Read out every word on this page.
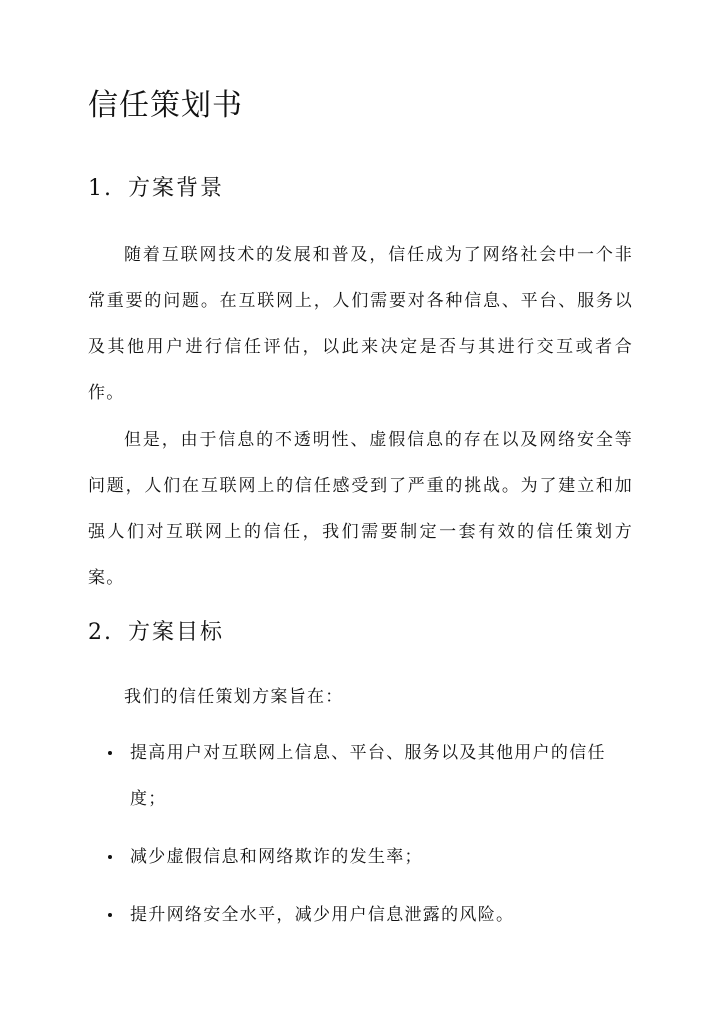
信任策划书
1. 方案背景

随着互联网技术的发展和普及，信任成为了网络社会中一个非常重要的问题。在互联网上，人们需要对各种信息、平台、服务以及其他用户进行信任评估，以此来决定是否与其进行交互或者合作。

但是，由于信息的不透明性、虚假信息的存在以及网络安全等问题，人们在互联网上的信任感受到了严重的挑战。为了建立和加强人们对互联网上的信任，我们需要制定一套有效的信任策划方案。

2. 方案目标

我们的信任策划方案旨在：

提高用户对互联网上信息、平台、服务以及其他用户的信任度；
减少虚假信息和网络欺诈的发生率；
提升网络安全水平，减少用户信息泄露的风险。
